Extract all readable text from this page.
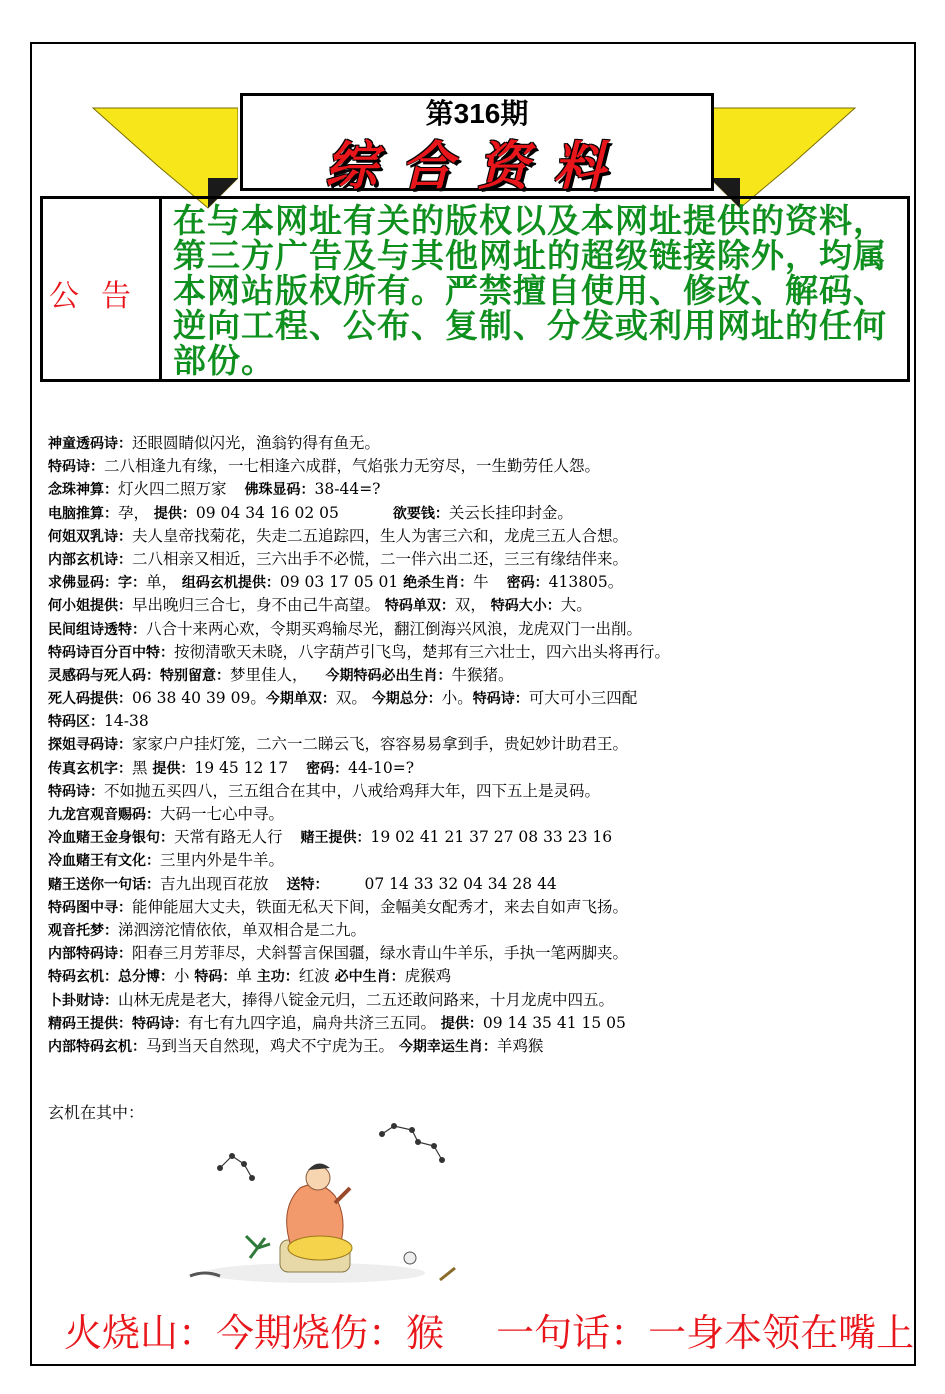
第316期
综合资料
公告
在与本网址有关的版权以及本网址提供的资料，第三方广告及与其他网址的超级链接除外，均属本网站版权所有。严禁擅自使用、修改、解码、逆向工程、公布、复制、分发或利用网址的任何部份。
神童透码诗：还眼圆睛似闪光，渔翁钓得有鱼无。
特码诗：二八相逢九有缘，一七相逢六成群，气焰张力无穷尽，一生勤劳任人怨。
念珠神算：灯火四二照万家 佛珠显码：38-44=?
电脑推算：孕， 提供：09 04 34 16 02 05	欲要钱：关云长挂印封金。
何姐双乳诗：夫人皇帝找菊花，失走二五追踪四，生人为害三六和，龙虎三五人合想。
内部玄机诗：二八相亲又相近，三六出手不必慌，二一伴六出二还，三三有缘结伴来。
求佛显码：字：单， 组码玄机提供：09 03 17 05 01 绝杀生肖：牛 密码：413805。
何小姐提供：早出晚归三合七，身不由己牛高望。 特码单双：双， 特码大小：大。
民间组诗透特：八合十来两心欢，令期买鸡输尽光，翻江倒海兴风浪，龙虎双门一出削。
特码诗百分百中特：按彻清歌天未晓，八字葫芦引飞鸟，楚邦有三六壮士，四六出头将再行。
灵感码与死人码：特别留意：梦里佳人， 今期特码必出生肖：牛猴猪。
死人码提供：06 38 40 39 09。今期单双：双。 今期总分：小。特码诗：可大可小三四配
特码区：14-38
探姐寻码诗：家家户户挂灯笼，二六一二睇云飞，容容易易拿到手，贵妃妙计助君王。
传真玄机字：黑 提供：19 45 12 17 密码：44-10=?
特码诗：不如抛五买四八，三五组合在其中，八戒给鸡拜大年，四下五上是灵码。
九龙宫观音赐码：大码一七心中寻。
冷血赌王金身银句：天常有路无人行 赌王提供：19 02 41 21 37 27 08 33 23 16
冷血赌王有文化：三里内外是牛羊。
赌王送你一句话：吉九出现百花放 送特： 07 14 33 32 04 34 28 44
特码图中寻：能伸能屈大丈夫，铁面无私天下间，金幅美女配秀才，来去自如声飞扬。
观音托梦：涕泗滂沱情依依，单双相合是二九。
内部特码诗：阳春三月芳菲尽，犬斜誓言保国疆，绿水青山牛羊乐，手执一笔两脚夹。
特码玄机：总分博：小 特码：单 主功：红波 必中生肖：虎猴鸡
卜卦财诗：山林无虎是老大，捧得八锭金元归，二五还敢问路来，十月龙虎中四五。
精码王提供：特码诗：有七有九四字追，扁舟共济三五同。 提供：09 14 35 41 15 05
内部特码玄机：马到当天自然现，鸡犬不宁虎为王。 今期幸运生肖：羊鸡猴
玄机在其中：
火烧山：今期烧伤：猴 一句话：一身本领在嘴上
